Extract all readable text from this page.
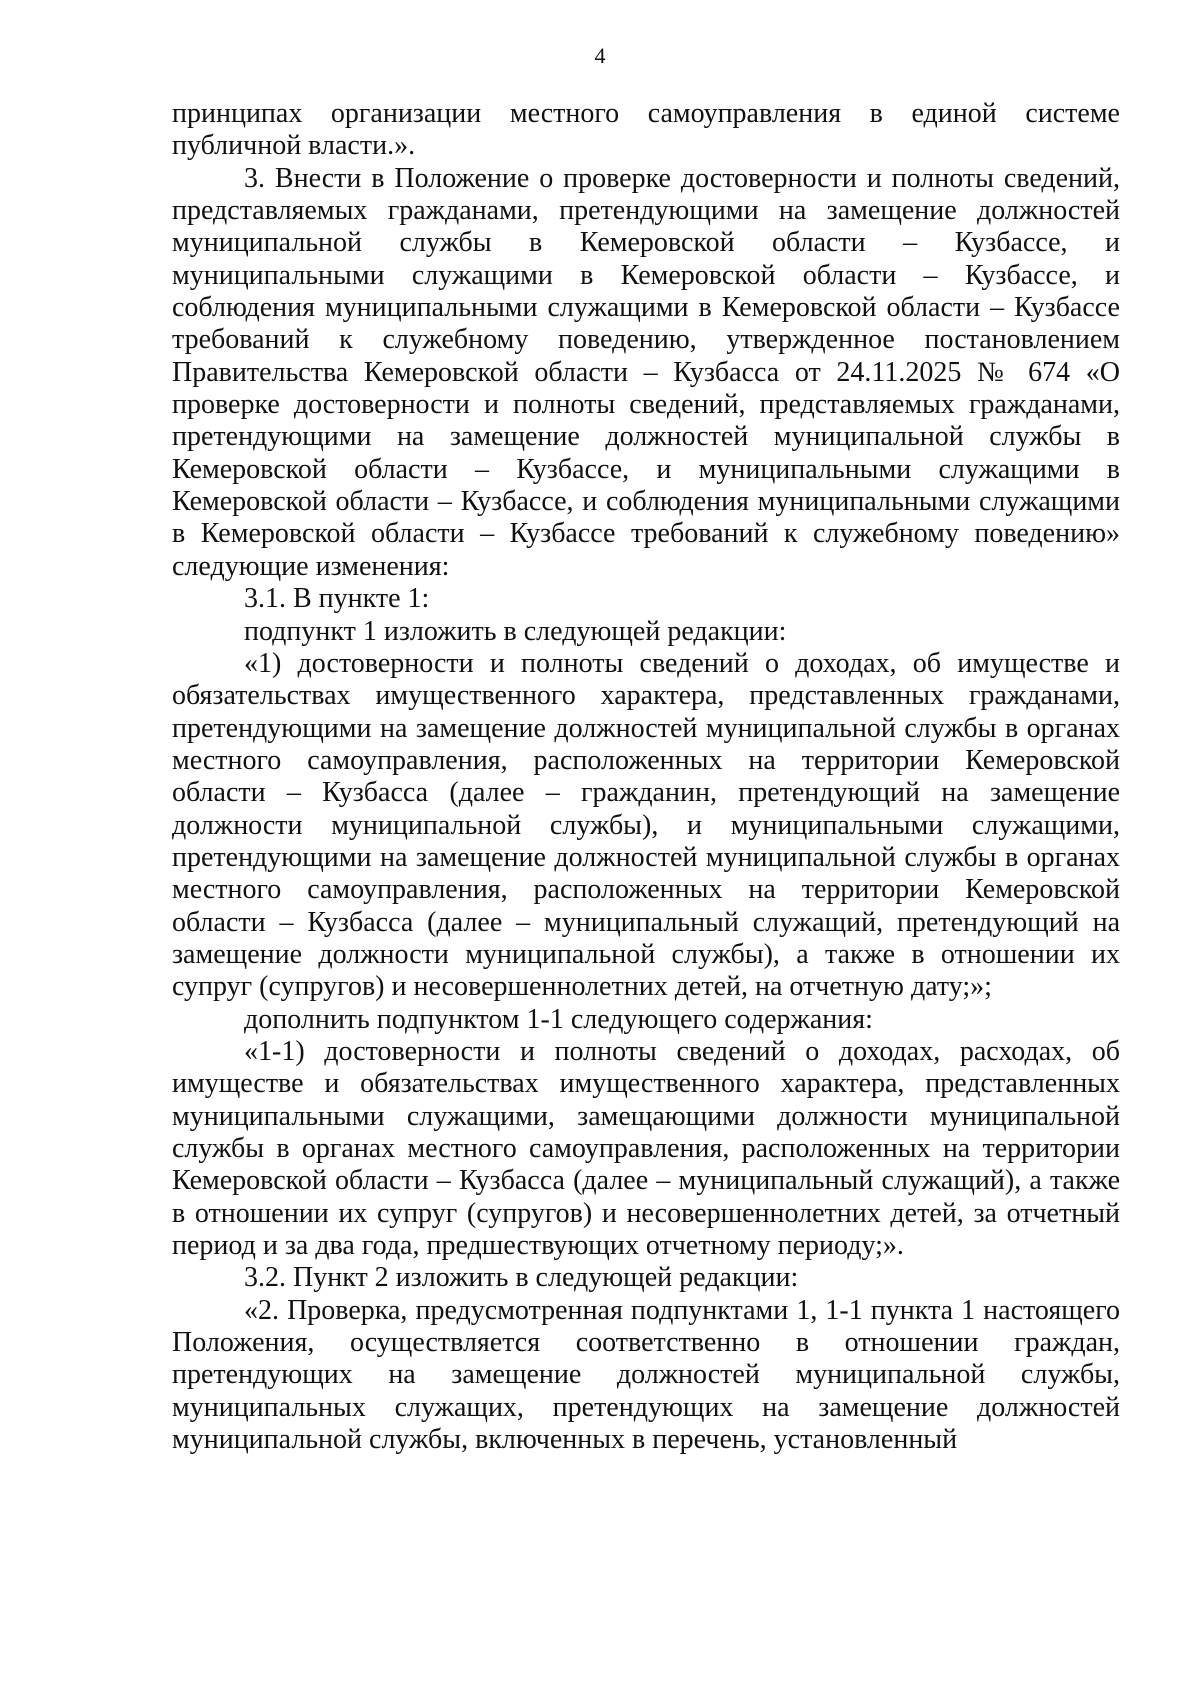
4

принципах организации местного самоуправления в единой системе публичной власти.».

3. Внести в Положение о проверке достоверности и полноты сведений, представляемых гражданами, претендующими на замещение должностей муниципальной службы в Кемеровской области – Кузбассе, и муниципальными служащими в Кемеровской области – Кузбассе, и соблюдения муниципальными служащими в Кемеровской области – Кузбассе требований к служебному поведению, утвержденное постановлением Правительства Кемеровской области – Кузбасса от 24.11.2025 № 674 «О проверке достоверности и полноты сведений, представляемых гражданами, претендующими на замещение должностей муниципальной службы в Кемеровской области – Кузбассе, и муниципальными служащими в Кемеровской области – Кузбассе, и соблюдения муниципальными служащими в Кемеровской области – Кузбассе требований к служебному поведению» следующие изменения:

3.1. В пункте 1:

подпункт 1 изложить в следующей редакции:

«1) достоверности и полноты сведений о доходах, об имуществе и обязательствах имущественного характера, представленных гражданами, претендующими на замещение должностей муниципальной службы в органах местного самоуправления, расположенных на территории Кемеровской области – Кузбасса (далее – гражданин, претендующий на замещение должности муниципальной службы), и муниципальными служащими, претендующими на замещение должностей муниципальной службы в органах местного самоуправления, расположенных на территории Кемеровской области – Кузбасса (далее – муниципальный служащий, претендующий на замещение должности муниципальной службы), а также в отношении их супруг (супругов) и несовершеннолетних детей, на отчетную дату;»;

дополнить подпунктом 1-1 следующего содержания:

«1-1) достоверности и полноты сведений о доходах, расходах, об имуществе и обязательствах имущественного характера, представленных муниципальными служащими, замещающими должности муниципальной службы в органах местного самоуправления, расположенных на территории Кемеровской области – Кузбасса (далее – муниципальный служащий), а также в отношении их супруг (супругов) и несовершеннолетних детей, за отчетный период и за два года, предшествующих отчетному периоду;».

3.2. Пункт 2 изложить в следующей редакции:

«2. Проверка, предусмотренная подпунктами 1, 1-1 пункта 1 настоящего Положения, осуществляется соответственно в отношении граждан, претендующих на замещение должностей муниципальной службы, муниципальных служащих, претендующих на замещение должностей муниципальной службы, включенных в перечень, установленный
